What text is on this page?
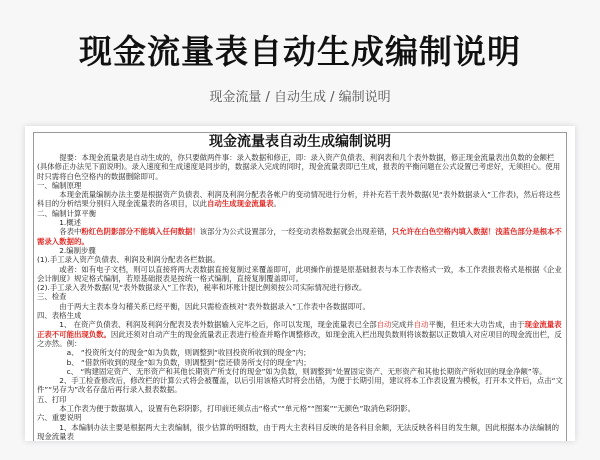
现金流量表自动生成编制说明
现金流量 / 自动生成 / 编制说明
现金流量表自动生成编制说明

提要：本现金流量表是自动生成的，你只要做两件事：录入数据和修正，即：录入资产负债表、利润表和几个表外数据，修正现金流量表出负数的金额栏(具体修正办法见下面说明)。录入速度和生成速度是同步的，数据录入完成的同时，现金流量表即已生成，报表的平衡问题在公式设置已考虑好，无须担心。使用时只需将白色空格内的数据删除即可。

一、编制原理

本现金流量编制办法主要是根据资产负债表、利润及利润分配表各帐户的变动情况进行分析，并补充若干表外数据(见“表外数据录入”工作表)，然后将这些科目的分析结果分别归入现金流量表的各项目，以此自动生成现金流量表。

二、编制计算平衡

1.概述

各表中粉红色阴影部分不能填入任何数据！该部分为公式设置部分，一经变动表格数据就会出现差错，只允许在白色空格内填入数据！浅蓝色部分是根本不需录入数据的。

2.编制步骤

(1).手工录入资产负债表、利润及利润分配表各栏数据。

或者：如有电子文档，则可以直接将两大表数据直接复制过来覆盖即可，此项操作前提是原基础报表与本工作表格式一致，本工作表报表格式是根据《企业会计制度》规定格式编制，若原基础报表是按统一格式编制，直接复制覆盖即可。

(2).手工录入表外数据(见“表外数据录入”工作表)，税率和坏账计提比例须按公司实际情况进行修改。

三、检查

由于两大主表本身勾稽关系已经平衡，因此只需检查核对“表外数据录入”工作表中各数据即可。

四、表格生成

1、 在资产负债表、利润及利润分配表及表外数据输入完毕之后，你可以发现，现金流量表已全部自动完成并自动平衡，但还未大功告成，由于现金流量表正表不可能出现负数。因此还须对自动产生的现金流量表正表进行检查并略作调整修改，如现金流入栏出现负数则将该数据以正数填入对应项目的现金流出栏，反之亦然。例：

a、 “投资所支付的现金”如为负数，则调整到“收回投资所收到的现金”内；

b、 “借款所收到的现金”如为负数，则调整到“偿还债务所支付的现金”内；

c、 “购建固定资产、无形资产和其他长期资产所支付的现金”如为负数，则调整到“处置固定资产、无形资产和其他长期资产所收回的现金净额”等。

2、手工检查修改后，修改栏的计算公式将会被覆盖，以后引用该格式时将会出错，为便于长期引用，建议将本工作表设置为模板，打开本文件后，点击“文件”“另存为”改名存盘后再行录入报表数据。

五、打印

本工作表为便于数据填入，设置有色彩阴影，打印前还须点击“格式”“单元格”“图案”“无颜色”取消色彩阴影。

六、重要说明

1、本编制办法主要是根据两大主表编制，很少估算的明细数，由于两大主表科目反映的是各科目余额，无法反映各科目的发生额，因此根据本办法编制的现金流量表
